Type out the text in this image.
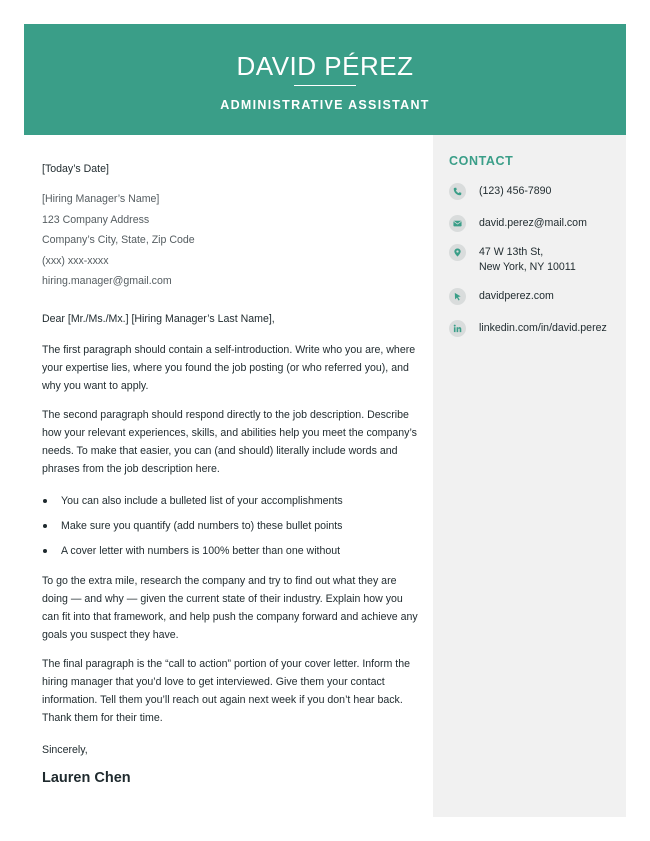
DAVID PÉREZ
ADMINISTRATIVE ASSISTANT

[Today’s Date]

[Hiring Manager’s Name]
123 Company Address
Company’s City, State, Zip Code
(xxx) xxx-xxxx
hiring.manager@gmail.com

Dear [Mr./Ms./Mx.] [Hiring Manager’s Last Name],

The first paragraph should contain a self-introduction. Write who you are, where your expertise lies, where you found the job posting (or who referred you), and why you want to apply.

The second paragraph should respond directly to the job description. Describe how your relevant experiences, skills, and abilities help you meet the company’s needs. To make that easier, you can (and should) literally include words and phrases from the job description here.

You can also include a bulleted list of your accomplishments
Make sure you quantify (add numbers to) these bullet points
A cover letter with numbers is 100% better than one without

To go the extra mile, research the company and try to find out what they are doing — and why — given the current state of their industry. Explain how you can fit into that framework, and help push the company forward and achieve any goals you suspect they have.

The final paragraph is the “call to action” portion of your cover letter. Inform the hiring manager that you’d love to get interviewed. Give them your contact information. Tell them you’ll reach out again next week if you don’t hear back. Thank them for their time.

Sincerely,

Lauren Chen

CONTACT
(123) 456-7890
david.perez@mail.com
47 W 13th St,
New York, NY 10011
davidperez.com
linkedin.com/in/david.perez
